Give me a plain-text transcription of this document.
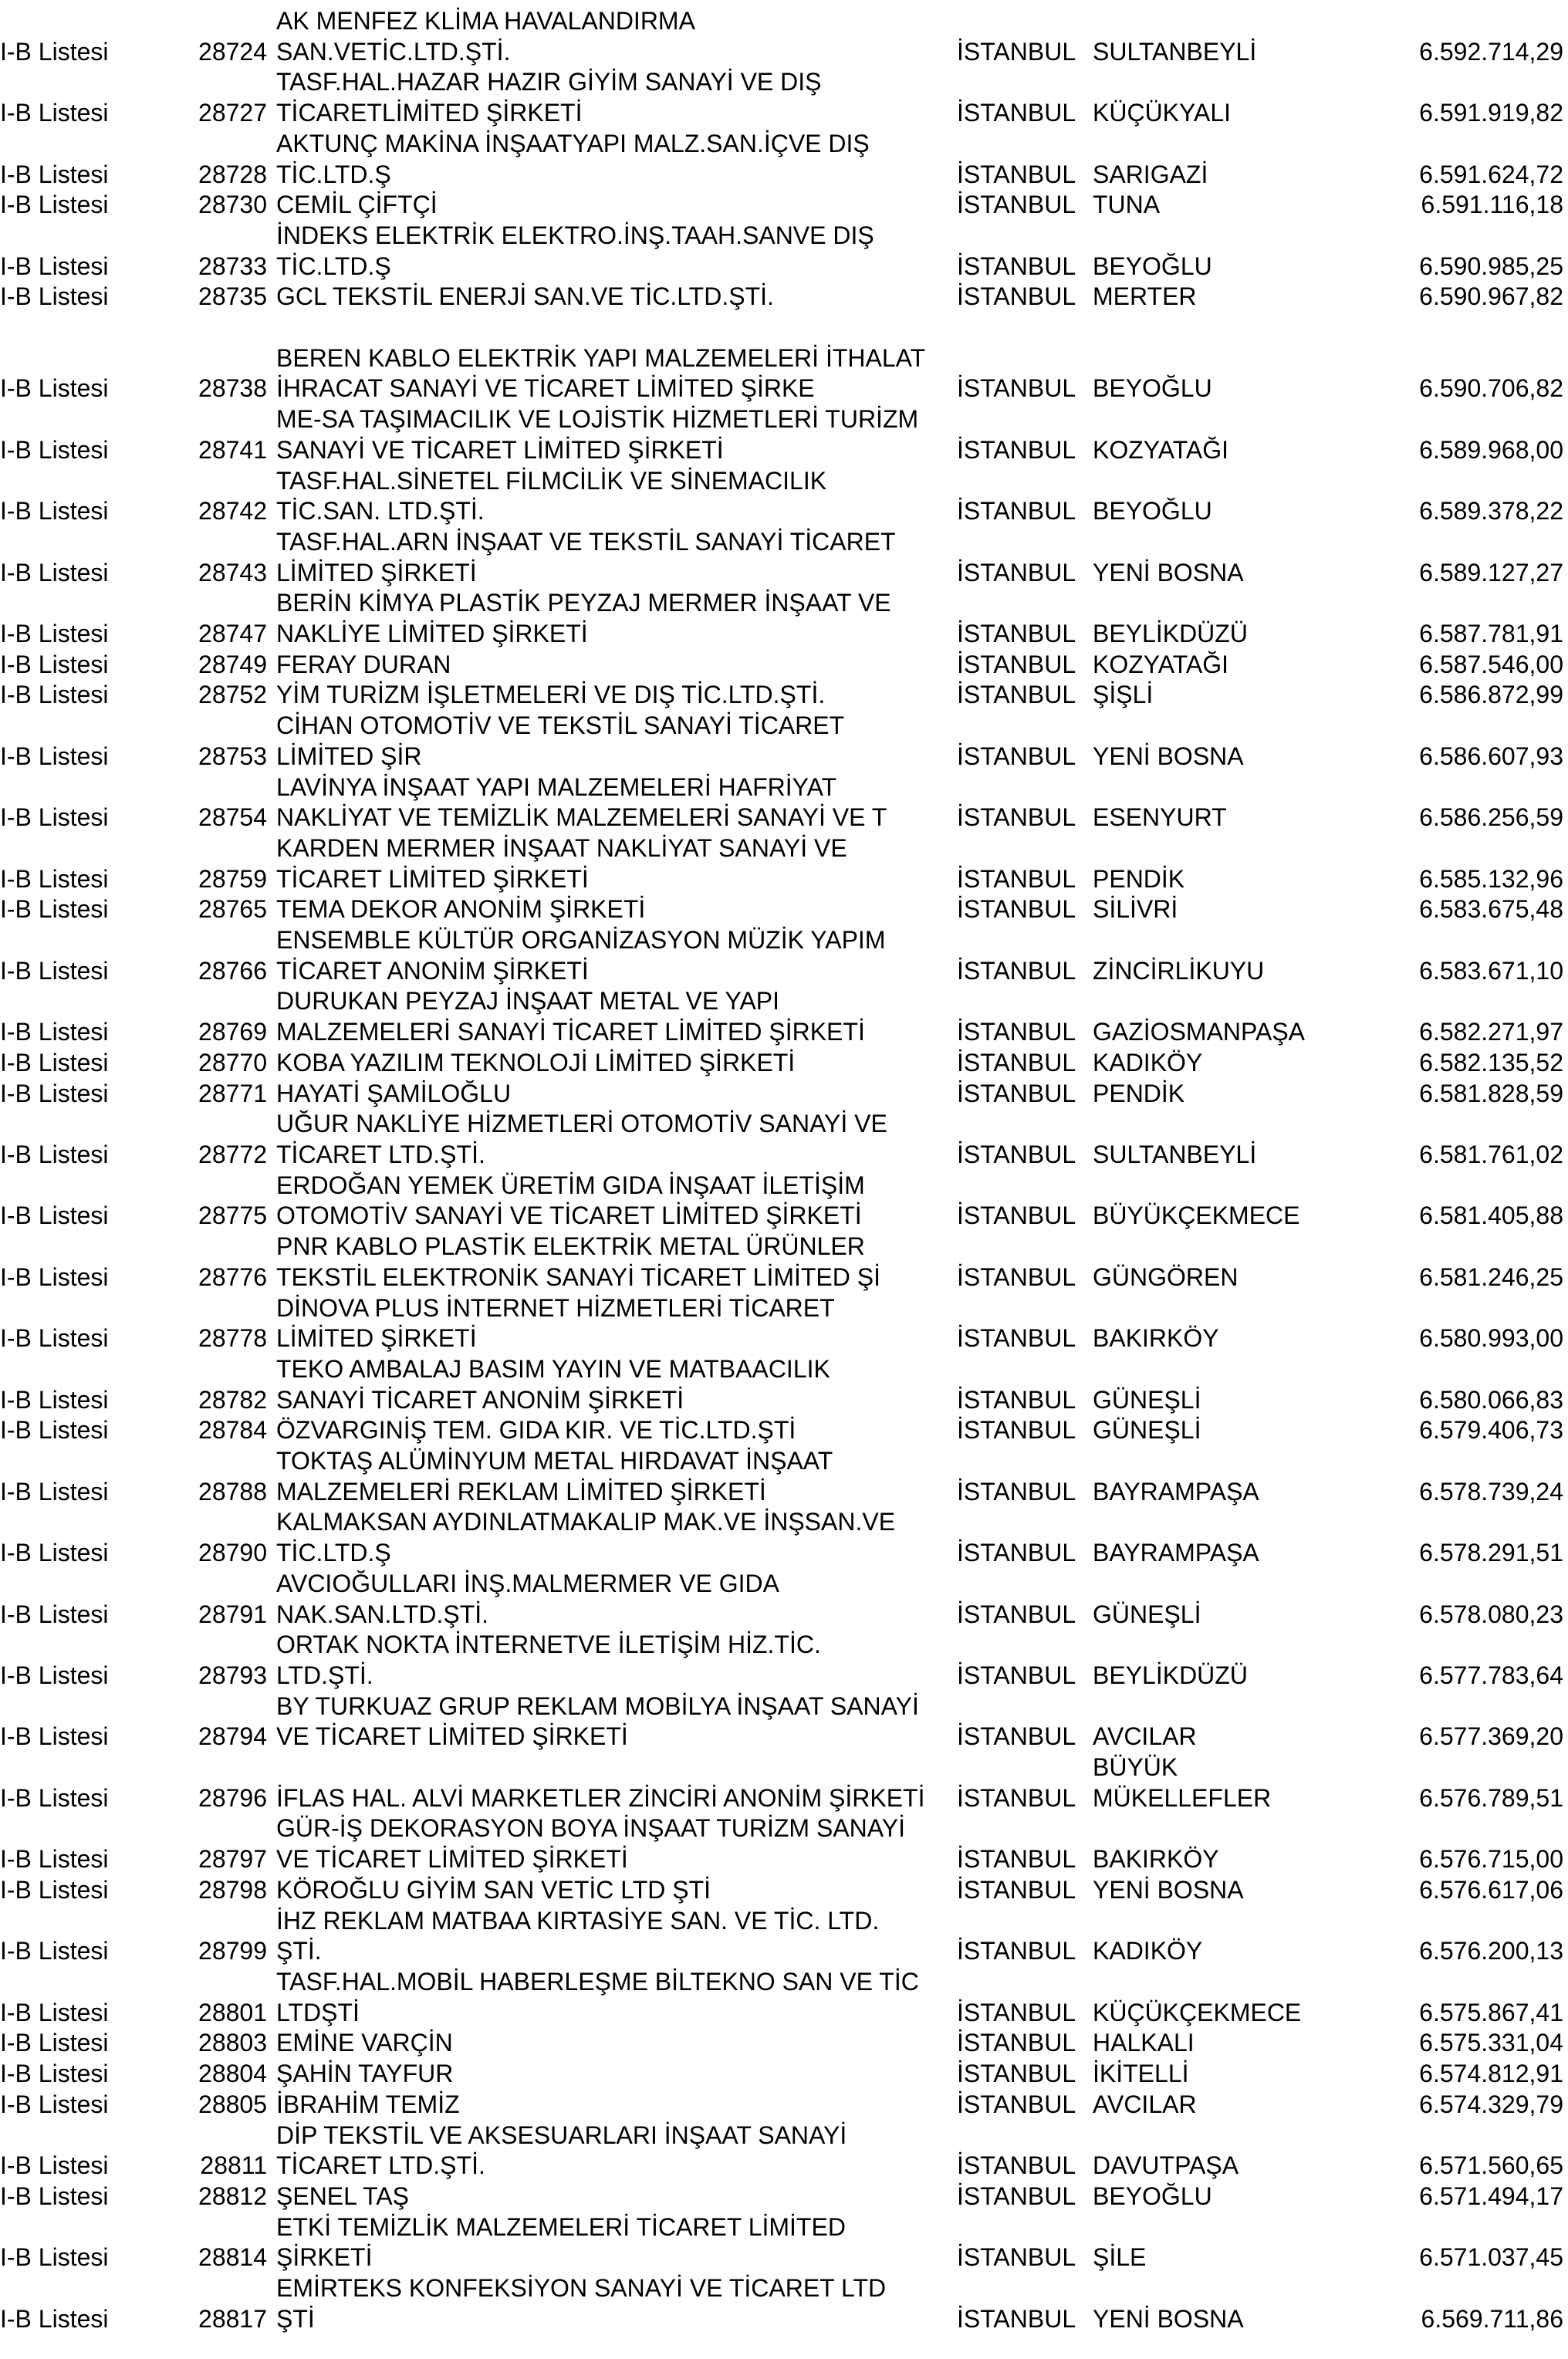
I-B Listesi	28724
AK MENFEZ KLİMA HAVALANDIRMA
SAN.VETİC.LTD.ŞTİ.	İSTANBUL SULTANBEYLİ	6.592.714,29
I-B Listesi	28727
TASF.HAL.HAZAR HAZIR GİYİM SANAYİ VE DIŞ
TİCARETLİMİTED ŞİRKETİ	İSTANBUL KÜÇÜKYALI	6.591.919,82
I-B Listesi	28728
AKTUNÇ MAKİNA İNŞAATYAPI MALZ.SAN.İÇVE DIŞ
TİC.LTD.Ş	İSTANBUL SARIGAZİ	6.591.624,72
I-B Listesi	28730 CEMİL ÇİFTÇİ	İSTANBUL TUNA	6.591.116,18
I-B Listesi	28733
İNDEKS ELEKTRİK ELEKTRO.İNŞ.TAAH.SANVE DIŞ
TİC.LTD.Ş	İSTANBUL BEYOĞLU	6.590.985,25
I-B Listesi	28735 GCL TEKSTİL ENERJİ SAN.VE TİC.LTD.ŞTİ.	İSTANBUL MERTER	6.590.967,82
I-B Listesi	28738
BEREN KABLO ELEKTRİK YAPI MALZEMELERİ İTHALAT
İHRACAT SANAYİ VE TİCARET LİMİTED ŞİRKE	İSTANBUL BEYOĞLU	6.590.706,82
I-B Listesi	28741
ME-SA TAŞIMACILIK VE LOJİSTİK HİZMETLERİ TURİZM
SANAYİ VE TİCARET LİMİTED ŞİRKETİ	İSTANBUL KOZYATAĞI	6.589.968,00
I-B Listesi	28742
TASF.HAL.SİNETEL FİLMCİLİK VE SİNEMACILIK
TİC.SAN. LTD.ŞTİ.	İSTANBUL BEYOĞLU	6.589.378,22
I-B Listesi	28743
TASF.HAL.ARN İNŞAAT VE TEKSTİL SANAYİ TİCARET
LİMİTED ŞİRKETİ	İSTANBUL YENİ BOSNA	6.589.127,27
I-B Listesi	28747
BERİN KİMYA PLASTİK PEYZAJ MERMER İNŞAAT VE
NAKLİYE LİMİTED ŞİRKETİ	İSTANBUL BEYLİKDÜZÜ	6.587.781,91
I-B Listesi	28749 FERAY DURAN	İSTANBUL KOZYATAĞI	6.587.546,00
I-B Listesi	28752 YİM TURİZM İŞLETMELERİ VE DIŞ TİC.LTD.ŞTİ.	İSTANBUL ŞİŞLİ	6.586.872,99
I-B Listesi	28753
CİHAN OTOMOTİV VE TEKSTİL SANAYİ TİCARET
LİMİTED ŞİR	İSTANBUL YENİ BOSNA	6.586.607,93
I-B Listesi	28754
LAVİNYA İNŞAAT YAPI MALZEMELERİ HAFRİYAT
NAKLİYAT VE TEMİZLİK MALZEMELERİ SANAYİ VE T	İSTANBUL ESENYURT	6.586.256,59
I-B Listesi	28759
KARDEN MERMER İNŞAAT NAKLİYAT SANAYİ VE
TİCARET LİMİTED ŞİRKETİ	İSTANBUL PENDİK	6.585.132,96
I-B Listesi	28765 TEMA DEKOR ANONİM ŞİRKETİ	İSTANBUL SİLİVRİ	6.583.675,48
I-B Listesi	28766
ENSEMBLE KÜLTÜR ORGANİZASYON MÜZİK YAPIM
TİCARET ANONİM ŞİRKETİ	İSTANBUL ZİNCİRLİKUYU	6.583.671,10
I-B Listesi	28769
DURUKAN PEYZAJ İNŞAAT METAL VE YAPI
MALZEMELERİ SANAYİ TİCARET LİMİTED ŞİRKETİ	İSTANBUL GAZİOSMANPAŞA	6.582.271,97
I-B Listesi	28770 KOBA YAZILIM TEKNOLOJİ LİMİTED ŞİRKETİ	İSTANBUL KADIKÖY	6.582.135,52
I-B Listesi	28771 HAYATİ ŞAMİLOĞLU	İSTANBUL PENDİK	6.581.828,59
I-B Listesi	28772
UĞUR NAKLİYE HİZMETLERİ OTOMOTİV SANAYİ VE
TİCARET LTD.ŞTİ.	İSTANBUL SULTANBEYLİ	6.581.761,02
I-B Listesi	28775
ERDOĞAN YEMEK ÜRETİM GIDA İNŞAAT İLETİŞİM
OTOMOTİV SANAYİ VE TİCARET LİMİTED ŞİRKETİ	İSTANBUL BÜYÜKÇEKMECE	6.581.405,88
I-B Listesi	28776
PNR KABLO PLASTİK ELEKTRİK METAL ÜRÜNLER
TEKSTİL ELEKTRONİK SANAYİ TİCARET LİMİTED Şİ	İSTANBUL GÜNGÖREN	6.581.246,25
I-B Listesi	28778
DİNOVA PLUS İNTERNET HİZMETLERİ TİCARET
LİMİTED ŞİRKETİ	İSTANBUL BAKIRKÖY	6.580.993,00
I-B Listesi	28782
TEKO AMBALAJ BASIM YAYIN VE MATBAACILIK
SANAYİ TİCARET ANONİM ŞİRKETİ	İSTANBUL GÜNEŞLİ	6.580.066,83
I-B Listesi	28784 ÖZVARGINİŞ TEM. GIDA KIR. VE TİC.LTD.ŞTİ	İSTANBUL GÜNEŞLİ	6.579.406,73
I-B Listesi	28788
TOKTAŞ ALÜMİNYUM METAL HIRDAVAT İNŞAAT
MALZEMELERİ REKLAM LİMİTED ŞİRKETİ	İSTANBUL BAYRAMPAŞA	6.578.739,24
I-B Listesi	28790
KALMAKSAN AYDINLATMAKALIP MAK.VE İNŞSAN.VE
TİC.LTD.Ş	İSTANBUL BAYRAMPAŞA	6.578.291,51
I-B Listesi	28791
AVCIOĞULLARI İNŞ.MALMERMER VE GIDA
NAK.SAN.LTD.ŞTİ.	İSTANBUL GÜNEŞLİ	6.578.080,23
I-B Listesi	28793
ORTAK NOKTA İNTERNETVE İLETİŞİM HİZ.TİC.
LTD.ŞTİ.	İSTANBUL BEYLİKDÜZÜ	6.577.783,64
I-B Listesi	28794
BY TURKUAZ GRUP REKLAM MOBİLYA İNŞAAT SANAYİ
VE TİCARET LİMİTED ŞİRKETİ	İSTANBUL AVCILAR	6.577.369,20
I-B Listesi	28796 İFLAS HAL. ALVİ MARKETLER ZİNCİRİ ANONİM ŞİRKETİ	İSTANBUL
BÜYÜK
MÜKELLEFLER	6.576.789,51
I-B Listesi	28797
GÜR-İŞ DEKORASYON BOYA İNŞAAT TURİZM SANAYİ
VE TİCARET LİMİTED ŞİRKETİ	İSTANBUL BAKIRKÖY	6.576.715,00
I-B Listesi	28798 KÖROĞLU GİYİM SAN VETİC LTD ŞTİ	İSTANBUL YENİ BOSNA	6.576.617,06
I-B Listesi	28799
İHZ REKLAM MATBAA KIRTASİYE SAN. VE TİC. LTD.
ŞTİ.	İSTANBUL KADIKÖY	6.576.200,13
I-B Listesi	28801
TASF.HAL.MOBİL HABERLEŞME BİLTEKNO SAN VE TİC
LTDŞTİ	İSTANBUL KÜÇÜKÇEKMECE	6.575.867,41
I-B Listesi	28803 EMİNE VARÇİN	İSTANBUL HALKALI	6.575.331,04
I-B Listesi	28804 ŞAHİN TAYFUR	İSTANBUL İKİTELLİ	6.574.812,91
I-B Listesi	28805 İBRAHİM TEMİZ	İSTANBUL AVCILAR	6.574.329,79
I-B Listesi	28811
DİP TEKSTİL VE AKSESUARLARI İNŞAAT SANAYİ
TİCARET LTD.ŞTİ.	İSTANBUL DAVUTPAŞA	6.571.560,65
I-B Listesi	28812 ŞENEL TAŞ	İSTANBUL BEYOĞLU	6.571.494,17
I-B Listesi	28814
ETKİ TEMİZLİK MALZEMELERİ TİCARET LİMİTED
ŞİRKETİ	İSTANBUL ŞİLE	6.571.037,45
I-B Listesi	28817
EMİRTEKS KONFEKSİYON SANAYİ VE TİCARET LTD
ŞTİ	İSTANBUL YENİ BOSNA	6.569.711,86
